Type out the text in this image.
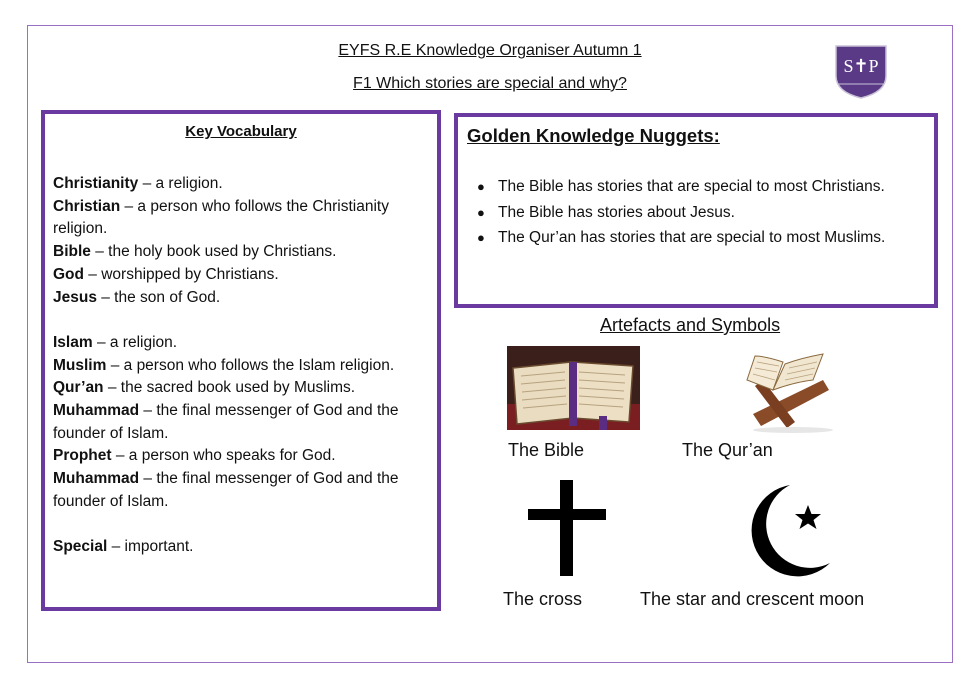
EYFS R.E Knowledge Organiser Autumn 1
F1 Which stories are special and why?
S✝P
Key Vocabulary

Christianity – a religion.

Christian – a person who follows the Christianity religion.

Bible – the holy book used by Christians.

God – worshipped by Christians.

Jesus – the son of God.

Islam – a religion.

Muslim – a person who follows the Islam religion.

Qur’an – the sacred book used by Muslims.

Muhammad – the final messenger of God and the founder of Islam.

Prophet – a person who speaks for God.

Muhammad – the final messenger of God and the founder of Islam.

Special – important.

Golden Knowledge Nuggets:
● The Bible has stories that are special to most Christians.
● The Bible has stories about Jesus.
● The Qur’an has stories that are special to most Muslims.
Artefacts and Symbols
The Bible	The Qur’an
The cross	The star and crescent moon
